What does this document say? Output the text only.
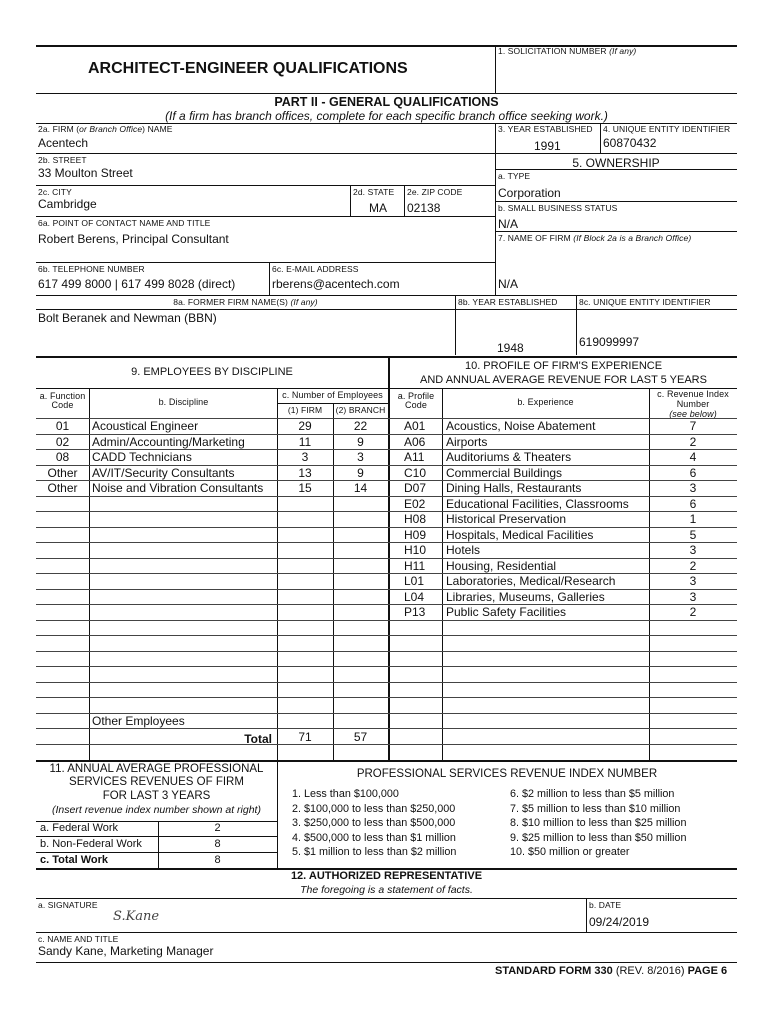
ARCHITECT-ENGINEER QUALIFICATIONS
1. SOLICITATION NUMBER (If any)
PART II - GENERAL QUALIFICATIONS
(If a firm has branch offices, complete for each specific branch office seeking work.)
2a. FIRM (or Branch Office) NAME
Acentech
2b. STREET
33 Moulton Street
2c. CITY
Cambridge
2d. STATE
MA
2e. ZIP CODE
02138
6a. POINT OF CONTACT NAME AND TITLE
Robert Berens, Principal Consultant
6b. TELEPHONE NUMBER
617 499 8000 | 617 499 8028 (direct)
6c. E-MAIL ADDRESS
rberens@acentech.com
3. YEAR ESTABLISHED 4. UNIQUE ENTITY IDENTIFIER
1991	60870432
5. OWNERSHIP
a. TYPE
Corporation
b. SMALL BUSINESS STATUS
N/A
7. NAME OF FIRM (If Block 2a is a Branch Office)
N/A
8a. FORMER FIRM NAME(S) (If any)	8b. YEAR ESTABLISHED	8c. UNIQUE ENTITY IDENTIFIER
Bolt Beranek and Newman (BBN)
1948	619099997
9. EMPLOYEES BY DISCIPLINE	10. PROFILE OF FIRM'S EXPERIENCE
AND ANNUAL AVERAGE REVENUE FOR LAST 5 YEARS
a. Function
Code	b. Discipline
c. Number of Employees
(1) FIRM	(2) BRANCH
a. Profile
Code	b. Experience
c. Revenue Index
Number
(see below)
01	Acoustical Engineer	29	22
02	Admin/Accounting/Marketing	11	9
08	CADD Technicians	3	3
Other	AV/IT/Security Consultants	13	9
Other	Noise and Vibration Consultants	15	14
A01 Acoustics, Noise Abatement	7
A06 Airports	2
A11 Auditoriums & Theaters	4
C10 Commercial Buildings	6
D07 Dining Halls, Restaurants	3
E02 Educational Facilities, Classrooms	6
H08 Historical Preservation	1
H09 Hospitals, Medical Facilities	5
H10 Hotels	3
H11 Housing, Residential	2
L01 Laboratories, Medical/Research	3
L04 Libraries, Museums, Galleries	3
P13 Public Safety Facilities	2
Other Employees
Total	71	57
11. ANNUAL AVERAGE PROFESSIONAL
SERVICES REVENUES OF FIRM
FOR LAST 3 YEARS
(Insert revenue index number shown at right)
a. Federal Work	2
b. Non-Federal Work	8
c. Total Work	8
PROFESSIONAL SERVICES REVENUE INDEX NUMBER
1. Less than $100,000
2. $100,000 to less than $250,000
3. $250,000 to less than $500,000
4. $500,000 to less than $1 million
5. $1 million to less than $2 million
6. $2 million to less than $5 million
7. $5 million to less than $10 million
8. $10 million to less than $25 million
9. $25 million to less than $50 million
10. $50 million or greater
12. AUTHORIZED REPRESENTATIVE
The foregoing is a statement of facts.
a. SIGNATURE
S.Kane
b. DATE
09/24/2019
c. NAME AND TITLE
Sandy Kane, Marketing Manager
STANDARD FORM 330 (REV. 8/2016) PAGE 6
